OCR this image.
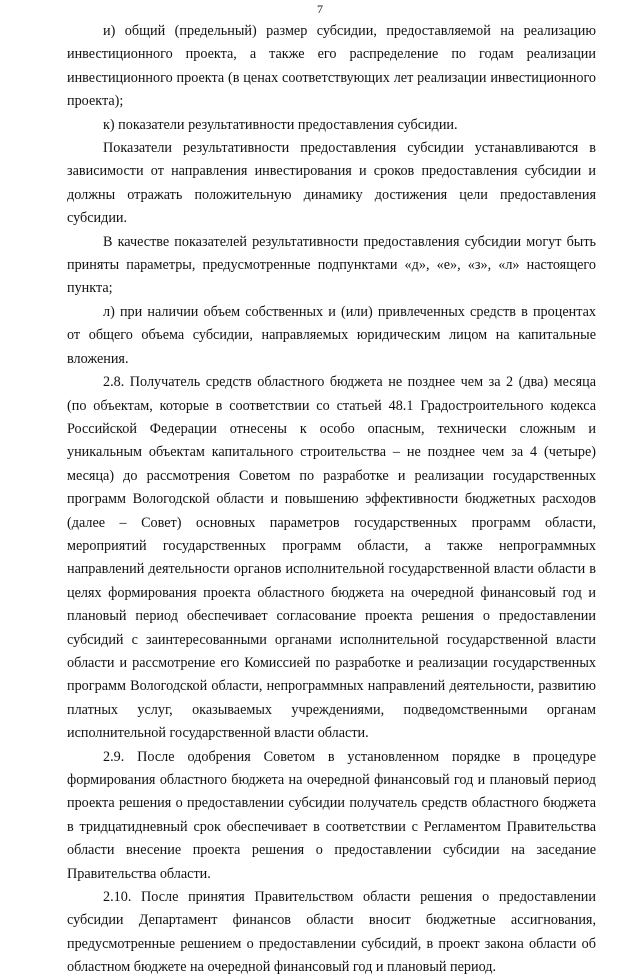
7

и) общий (предельный) размер субсидии, предоставляемой на реализацию инвестиционного проекта, а также его распределение по годам реализации инвестиционного проекта (в ценах соответствующих лет реализации инвестиционного проекта);

к) показатели результативности предоставления субсидии.

Показатели результативности предоставления субсидии устанавливаются в зависимости от направления инвестирования и сроков предоставления субсидии и должны отражать положительную динамику достижения цели предоставления субсидии.

В качестве показателей результативности предоставления субсидии могут быть приняты параметры, предусмотренные подпунктами «д», «е», «з», «л» настоящего пункта;

л) при наличии объем собственных и (или) привлеченных средств в процентах от общего объема субсидии, направляемых юридическим лицом на капитальные вложения.

2.8. Получатель средств областного бюджета не позднее чем за 2 (два) месяца (по объектам, которые в соответствии со статьей 48.1 Градостроительного кодекса Российской Федерации отнесены к особо опасным, технически сложным и уникальным объектам капитального строительства – не позднее чем за 4 (четыре) месяца) до рассмотрения Советом по разработке и реализации государственных программ Вологодской области и повышению эффективности бюджетных расходов (далее – Совет) основных параметров государственных программ области, мероприятий государственных программ области, а также непрограммных направлений деятельности органов исполнительной государственной власти области в целях формирования проекта областного бюджета на очередной финансовый год и плановый период обеспечивает согласование проекта решения о предоставлении субсидий с заинтересованными органами исполнительной государственной власти области и рассмотрение его Комиссией по разработке и реализации государственных программ Вологодской области, непрограммных направлений деятельности, развитию платных услуг, оказываемых учреждениями, подведомственными органам исполнительной государственной власти области.

2.9. После одобрения Советом в установленном порядке в процедуре формирования областного бюджета на очередной финансовый год и плановый период проекта решения о предоставлении субсидии получатель средств областного бюджета в тридцатидневный срок обеспечивает в соответствии с Регламентом Правительства области внесение проекта решения о предоставлении субсидии на заседание Правительства области.

2.10. После принятия Правительством области решения о предоставлении субсидии Департамент финансов области вносит бюджетные ассигнования, предусмотренные решением о предоставлении субсидий, в проект закона области об областном бюджете на очередной финансовый год и плановый период.
